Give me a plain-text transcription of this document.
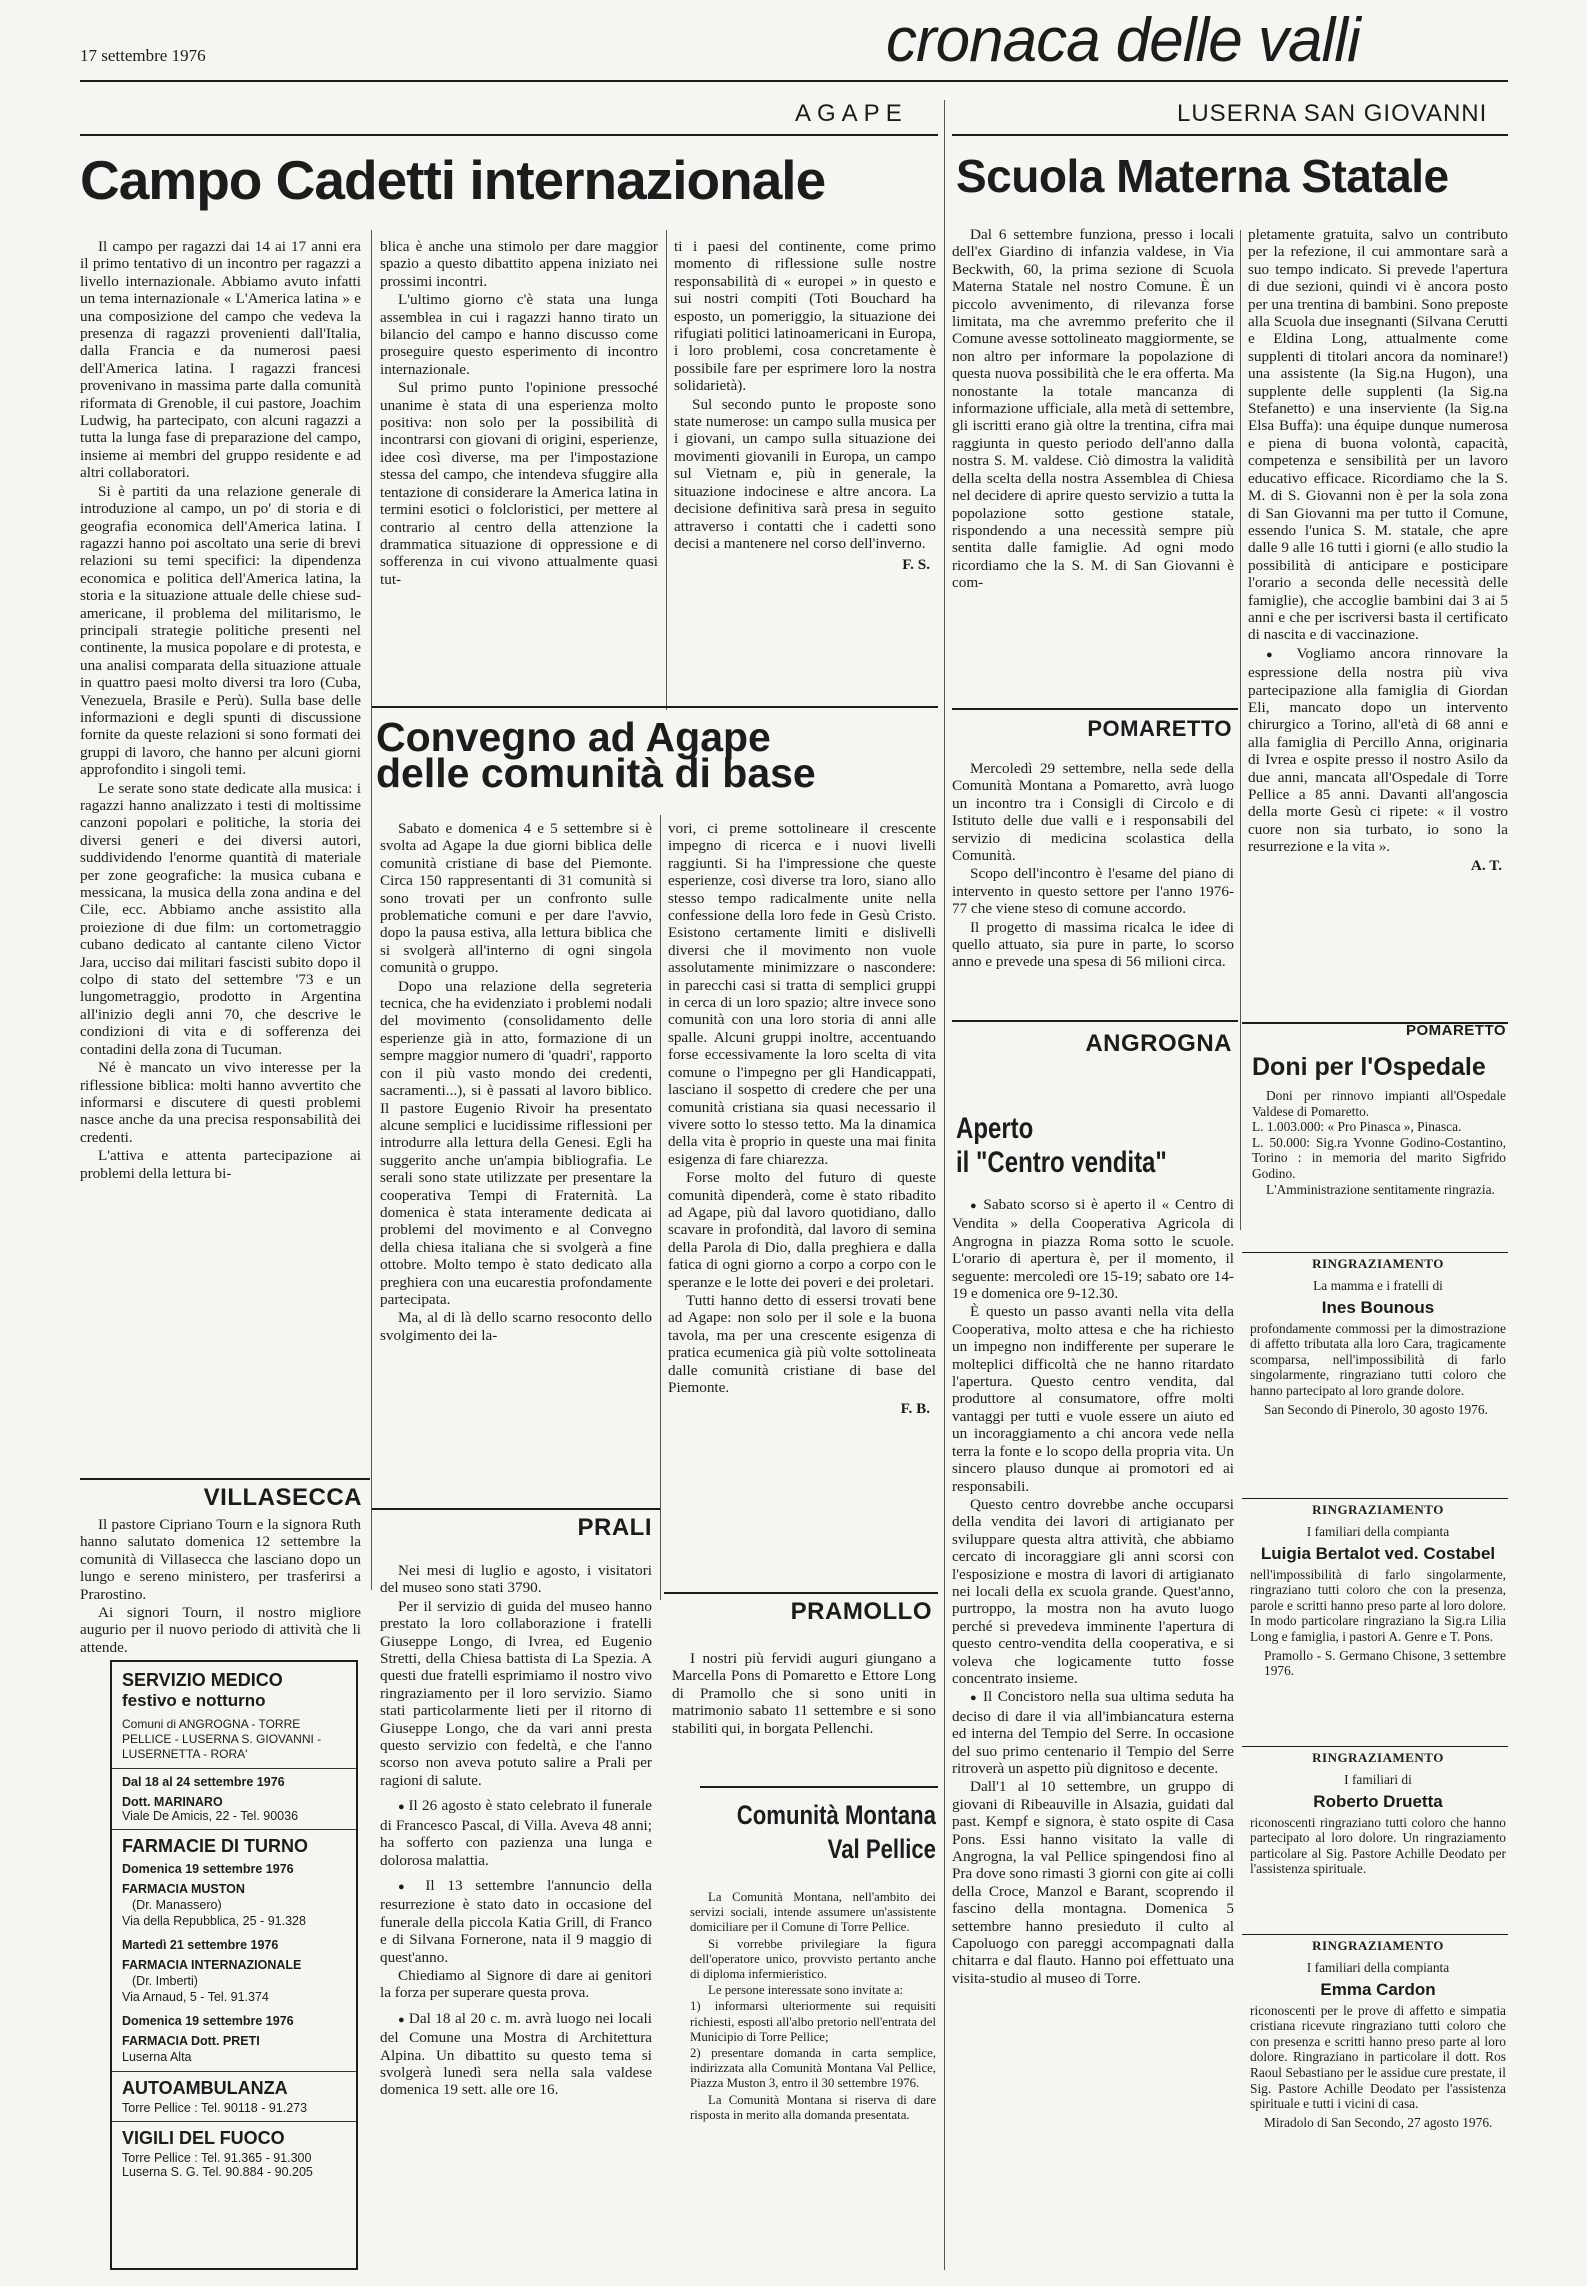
17 settembre 1976	cronaca delle valli
AGAPE
Campo Cadetti internazionale
LUSERNA SAN GIOVANNI
Scuola Materna Statale

Il campo per ragazzi dai 14 ai 17 anni era il primo tentativo di un incontro per ragazzi a livello internazionale. Abbiamo avuto infatti un tema internazionale « L'America latina » e una composizione del campo che vedeva la presenza di ragazzi provenienti dall'Italia, dalla Francia e da numerosi paesi dell'America latina. I ragazzi francesi provenivano in massima parte dalla comunità riformata di Grenoble, il cui pastore, Joachim Ludwig, ha partecipato, con alcuni ragazzi a tutta la lunga fase di preparazione del campo, insieme ai membri del gruppo residente e ad altri collaboratori.

Si è partiti da una relazione generale di introduzione al campo, un po' di storia e di geografia economica dell'America latina. I ragazzi hanno poi ascoltato una serie di brevi relazioni su temi specifici: la dipendenza economica e politica dell'America latina, la storia e la situazione attuale delle chiese sud-americane, il problema del militarismo, le principali strategie politiche presenti nel continente, la musica popolare e di protesta, e una analisi comparata della situazione attuale in quattro paesi molto diversi tra loro (Cuba, Venezuela, Brasile e Perù). Sulla base delle informazioni e degli spunti di discussione fornite da queste relazioni si sono formati dei gruppi di lavoro, che hanno per alcuni giorni approfondito i singoli temi.

Le serate sono state dedicate alla musica: i ragazzi hanno analizzato i testi di moltissime canzoni popolari e politiche, la storia dei diversi generi e dei diversi autori, suddividendo l'enorme quantità di materiale per zone geografiche: la musica cubana e messicana, la musica della zona andina e del Cile, ecc. Abbiamo anche assistito alla proiezione di due film: un cortometraggio cubano dedicato al cantante cileno Victor Jara, ucciso dai militari fascisti subito dopo il colpo di stato del settembre '73 e un lungometraggio, prodotto in Argentina all'inizio degli anni 70, che descrive le condizioni di vita e di sofferenza dei contadini della zona di Tucuman.

Né è mancato un vivo interesse per la riflessione biblica: molti hanno avvertito che informarsi e discutere di questi problemi nasce anche da una precisa responsabilità dei credenti.

L'attiva e attenta partecipazione ai problemi della lettura bi-

blica è anche una stimolo per dare maggior spazio a questo dibattito appena iniziato nei prossimi incontri.

L'ultimo giorno c'è stata una lunga assemblea in cui i ragazzi hanno tirato un bilancio del campo e hanno discusso come proseguire questo esperimento di incontro internazionale.

Sul primo punto l'opinione pressoché unanime è stata di una esperienza molto positiva: non solo per la possibilità di incontrarsi con giovani di origini, esperienze, idee così diverse, ma per l'impostazione stessa del campo, che intendeva sfuggire alla tentazione di considerare la America latina in termini esotici o folcloristici, per mettere al contrario al centro della attenzione la drammatica situazione di oppressione e di sofferenza in cui vivono attualmente quasi tut-

ti i paesi del continente, come primo momento di riflessione sulle nostre responsabilità di « europei » in questo e sui nostri compiti (Toti Bouchard ha esposto, un pomeriggio, la situazione dei rifugiati politici latinoamericani in Europa, i loro problemi, cosa concretamente è possibile fare per esprimere loro la nostra solidarietà).

Sul secondo punto le proposte sono state numerose: un campo sulla musica per i giovani, un campo sulla situazione dei movimenti giovanili in Europa, un campo sul Vietnam e, più in generale, la situazione indocinese e altre ancora. La decisione definitiva sarà presa in seguito attraverso i contatti che i cadetti sono decisi a mantenere nel corso dell'inverno.

F. S.
Convegno ad Agape
delle comunità di base

Sabato e domenica 4 e 5 settembre si è svolta ad Agape la due giorni biblica delle comunità cristiane di base del Piemonte. Circa 150 rappresentanti di 31 comunità si sono trovati per un confronto sulle problematiche comuni e per dare l'avvio, dopo la pausa estiva, alla lettura biblica che si svolgerà all'interno di ogni singola comunità o gruppo.

Dopo una relazione della segreteria tecnica, che ha evidenziato i problemi nodali del movimento (consolidamento delle esperienze già in atto, formazione di un sempre maggior numero di 'quadri', rapporto con il più vasto mondo dei credenti, sacramenti...), si è passati al lavoro biblico. Il pastore Eugenio Rivoir ha presentato alcune semplici e lucidissime riflessioni per introdurre alla lettura della Genesi. Egli ha suggerito anche un'ampia bibliografia. Le serali sono state utilizzate per presentare la cooperativa Tempi di Fraternità. La domenica è stata interamente dedicata ai problemi del movimento e al Convegno della chiesa italiana che si svolgerà a fine ottobre. Molto tempo è stato dedicato alla preghiera con una eucarestia profondamente partecipata.

Ma, al di là dello scarno resoconto dello svolgimento dei la-

vori, ci preme sottolineare il crescente impegno di ricerca e i nuovi livelli raggiunti. Si ha l'impressione che queste esperienze, così diverse tra loro, siano allo stesso tempo radicalmente unite nella confessione della loro fede in Gesù Cristo. Esistono certamente limiti e dislivelli diversi che il movimento non vuole assolutamente minimizzare o nascondere: in parecchi casi si tratta di semplici gruppi in cerca di un loro spazio; altre invece sono comunità con una loro storia di anni alle spalle. Alcuni gruppi inoltre, accentuando forse eccessivamente la loro scelta di vita comune o l'impegno per gli Handicappati, lasciano il sospetto di credere che per una comunità cristiana sia quasi necessario il vivere sotto lo stesso tetto. Ma la dinamica della vita è proprio in queste una mai finita esigenza di fare chiarezza.

Forse molto del futuro di queste comunità dipenderà, come è stato ribadito ad Agape, più dal lavoro quotidiano, dallo scavare in profondità, dal lavoro di semina della Parola di Dio, dalla preghiera e dalla fatica di ogni giorno a corpo a corpo con le speranze e le lotte dei poveri e dei proletari.

Tutti hanno detto di essersi trovati bene ad Agape: non solo per il sole e la buona tavola, ma per una crescente esigenza di pratica ecumenica già più volte sottolineata dalle comunità cristiane di base del Piemonte.

F. B.
VILLASECCA

Il pastore Cipriano Tourn e la signora Ruth hanno salutato domenica 12 settembre la comunità di Villasecca che lasciano dopo un lungo e sereno ministero, per trasferirsi a Prarostino.

Ai signori Tourn, il nostro migliore augurio per il nuovo periodo di attività che li attende.

SERVIZIO MEDICO
festivo e notturno
Comuni di ANGROGNA - TORRE PELLICE - LUSERNA S. GIOVANNI - LUSERNETTA - RORA'
Dal 18 al 24 settembre 1976
Dott. MARINARO
Viale De Amicis, 22 - Tel. 90036
FARMACIE DI TURNO
Domenica 19 settembre 1976
FARMACIA MUSTON
(Dr. Manassero)
Via della Repubblica, 25 - 91.328
Martedì 21 settembre 1976
FARMACIA INTERNAZIONALE
(Dr. Imberti)
Via Arnaud, 5 - Tel. 91.374
Domenica 19 settembre 1976
FARMACIA Dott. PRETI
Luserna Alta
AUTOAMBULANZA
Torre Pellice : Tel. 90118 - 91.273
VIGILI DEL FUOCO
Torre Pellice : Tel. 91.365 - 91.300
Luserna S. G. Tel. 90.884 - 90.205
PRALI

Nei mesi di luglio e agosto, i visitatori del museo sono stati 3790.

Per il servizio di guida del museo hanno prestato la loro collaborazione i fratelli Giuseppe Longo, di Ivrea, ed Eugenio Stretti, della Chiesa battista di La Spezia. A questi due fratelli esprimiamo il nostro vivo ringraziamento per il loro servizio. Siamo stati particolarmente lieti per il ritorno di Giuseppe Longo, che da vari anni presta questo servizio con fedeltà, e che l'anno scorso non aveva potuto salire a Prali per ragioni di salute.

● Il 26 agosto è stato celebrato il funerale di Francesco Pascal, di Villa. Aveva 48 anni; ha sofferto con pazienza una lunga e dolorosa malattia.

● Il 13 settembre l'annuncio della resurrezione è stato dato in occasione del funerale della piccola Katia Grill, di Franco e di Silvana Fornerone, nata il 9 maggio di quest'anno.

Chiediamo al Signore di dare ai genitori la forza per superare questa prova.

● Dal 18 al 20 c. m. avrà luogo nei locali del Comune una Mostra di Architettura Alpina. Un dibattito su questo tema si svolgerà lunedì sera nella sala valdese domenica 19 sett. alle ore 16.

PRAMOLLO

I nostri più fervidi auguri giungano a Marcella Pons di Pomaretto e Ettore Long di Pramollo che si sono uniti in matrimonio sabato 11 settembre e si sono stabiliti qui, in borgata Pellenchi.

Comunità Montana
Val Pellice

La Comunità Montana, nell'ambito dei servizi sociali, intende assumere un'assistente domiciliare per il Comune di Torre Pellice.

Si vorrebbe privilegiare la figura dell'operatore unico, provvisto pertanto anche di diploma infermieristico.

Le persone interessate sono invitate a:

1) informarsi ulteriormente sui requisiti richiesti, esposti all'albo pretorio nell'entrata del Municipio di Torre Pellice;

2) presentare domanda in carta semplice, indirizzata alla Comunità Montana Val Pellice, Piazza Muston 3, entro il 30 settembre 1976.

La Comunità Montana si riserva di dare risposta in merito alla domanda presentata.

Dal 6 settembre funziona, presso i locali dell'ex Giardino di infanzia valdese, in Via Beckwith, 60, la prima sezione di Scuola Materna Statale nel nostro Comune. È un piccolo avvenimento, di rilevanza forse limitata, ma che avremmo preferito che il Comune avesse sottolineato maggiormente, se non altro per informare la popolazione di questa nuova possibilità che le era offerta. Ma nonostante la totale mancanza di informazione ufficiale, alla metà di settembre, gli iscritti erano già oltre la trentina, cifra mai raggiunta in questo periodo dell'anno dalla nostra S. M. valdese. Ciò dimostra la validità della scelta della nostra Assemblea di Chiesa nel decidere di aprire questo servizio a tutta la popolazione sotto gestione statale, rispondendo a una necessità sempre più sentita dalle famiglie. Ad ogni modo ricordiamo che la S. M. di San Giovanni è com-

pletamente gratuita, salvo un contributo per la refezione, il cui ammontare sarà a suo tempo indicato. Si prevede l'apertura di due sezioni, quindi vi è ancora posto per una trentina di bambini. Sono preposte alla Scuola due insegnanti (Silvana Cerutti e Eldina Long, attualmente come supplenti di titolari ancora da nominare!) una assistente (la Sig.na Hugon), una supplente delle supplenti (la Sig.na Stefanetto) e una inserviente (la Sig.na Elsa Buffa): una équipe dunque numerosa e piena di buona volontà, capacità, competenza e sensibilità per un lavoro educativo efficace. Ricordiamo che la S. M. di S. Giovanni non è per la sola zona di San Giovanni ma per tutto il Comune, essendo l'unica S. M. statale, che apre dalle 9 alle 16 tutti i giorni (e allo studio la possibilità di anticipare e posticipare l'orario a seconda delle necessità delle famiglie), che accoglie bambini dai 3 ai 5 anni e che per iscriversi basta il certificato di nascita e di vaccinazione.

● Vogliamo ancora rinnovare la espressione della nostra più viva partecipazione alla famiglia di Giordan Eli, mancato dopo un intervento chirurgico a Torino, all'età di 68 anni e alla famiglia di Percillo Anna, originaria di Ivrea e ospite presso il nostro Asilo da due anni, mancata all'Ospedale di Torre Pellice a 85 anni. Davanti all'angoscia della morte Gesù ci ripete: « il vostro cuore non sia turbato, io sono la resurrezione e la vita ».

A. T.
POMARETTO

Mercoledì 29 settembre, nella sede della Comunità Montana a Pomaretto, avrà luogo un incontro tra i Consigli di Circolo e di Istituto delle due valli e i responsabili del servizio di medicina scolastica della Comunità.

Scopo dell'incontro è l'esame del piano di intervento in questo settore per l'anno 1976-77 che viene steso di comune accordo.

Il progetto di massima ricalca le idee di quello attuato, sia pure in parte, lo scorso anno e prevede una spesa di 56 milioni circa.

ANGROGNA
Aperto
il "Centro vendita"

● Sabato scorso si è aperto il « Centro di Vendita » della Cooperativa Agricola di Angrogna in piazza Roma sotto le scuole. L'orario di apertura è, per il momento, il seguente: mercoledì ore 15-19; sabato ore 14-19 e domenica ore 9-12.30.

È questo un passo avanti nella vita della Cooperativa, molto attesa e che ha richiesto un impegno non indifferente per superare le molteplici difficoltà che ne hanno ritardato l'apertura. Questo centro vendita, dal produttore al consumatore, offre molti vantaggi per tutti e vuole essere un aiuto ed un incoraggiamento a chi ancora vede nella terra la fonte e lo scopo della propria vita. Un sincero plauso dunque ai promotori ed ai responsabili.

Questo centro dovrebbe anche occuparsi della vendita dei lavori di artigianato per sviluppare questa altra attività, che abbiamo cercato di incoraggiare gli anni scorsi con l'esposizione e mostra di lavori di artigianato nei locali della ex scuola grande. Quest'anno, purtroppo, la mostra non ha avuto luogo perché si prevedeva imminente l'apertura di questo centro-vendita della cooperativa, e si voleva che logicamente tutto fosse concentrato insieme.

● Il Concistoro nella sua ultima seduta ha deciso di dare il via all'imbiancatura esterna ed interna del Tempio del Serre. In occasione del suo primo centenario il Tempio del Serre ritroverà un aspetto più dignitoso e decente.

Dall'1 al 10 settembre, un gruppo di giovani di Ribeauville in Alsazia, guidati dal past. Kempf e signora, è stato ospite di Casa Pons. Essi hanno visitato la valle di Angrogna, la val Pellice spingendosi fino al Pra dove sono rimasti 3 giorni con gite ai colli della Croce, Manzol e Barant, scoprendo il fascino della montagna. Domenica 5 settembre hanno presieduto il culto al Capoluogo con pareggi accompagnati dalla chitarra e dal flauto. Hanno poi effettuato una visita-studio al museo di Torre.

POMARETTO
Doni per l'Ospedale

Doni per rinnovo impianti all'Ospedale Valdese di Pomaretto.

L. 1.003.000: « Pro Pinasca », Pinasca.

L. 50.000: Sig.ra Yvonne Godino-Costantino, Torino : in memoria del marito Sigfrido Godino.

L'Amministrazione sentitamente ringrazia.

RINGRAZIAMENTO
La mamma e i fratelli di
Ines Bounous
profondamente commossi per la dimostrazione di affetto tributata alla loro Cara, tragicamente scomparsa, nell'impossibilità di farlo singolarmente, ringraziano tutti coloro che hanno partecipato al loro grande dolore.
San Secondo di Pinerolo, 30 agosto 1976.
RINGRAZIAMENTO
I familiari della compianta
Luigia Bertalot ved. Costabel
nell'impossibilità di farlo singolarmente, ringraziano tutti coloro che con la presenza, parole e scritti hanno preso parte al loro dolore. In modo particolare ringraziano la Sig.ra Lilia Long e famiglia, i pastori A. Genre e T. Pons.
Pramollo - S. Germano Chisone, 3 settembre 1976.
RINGRAZIAMENTO
I familiari di
Roberto Druetta
riconoscenti ringraziano tutti coloro che hanno partecipato al loro dolore. Un ringraziamento particolare al Sig. Pastore Achille Deodato per l'assistenza spirituale.
RINGRAZIAMENTO
I familiari della compianta
Emma Cardon
riconoscenti per le prove di affetto e simpatia cristiana ricevute ringraziano tutti coloro che con presenza e scritti hanno preso parte al loro dolore. Ringraziano in particolare il dott. Ros Raoul Sebastiano per le assidue cure prestate, il Sig. Pastore Achille Deodato per l'assistenza spirituale e tutti i vicini di casa.
Miradolo di San Secondo, 27 agosto 1976.
